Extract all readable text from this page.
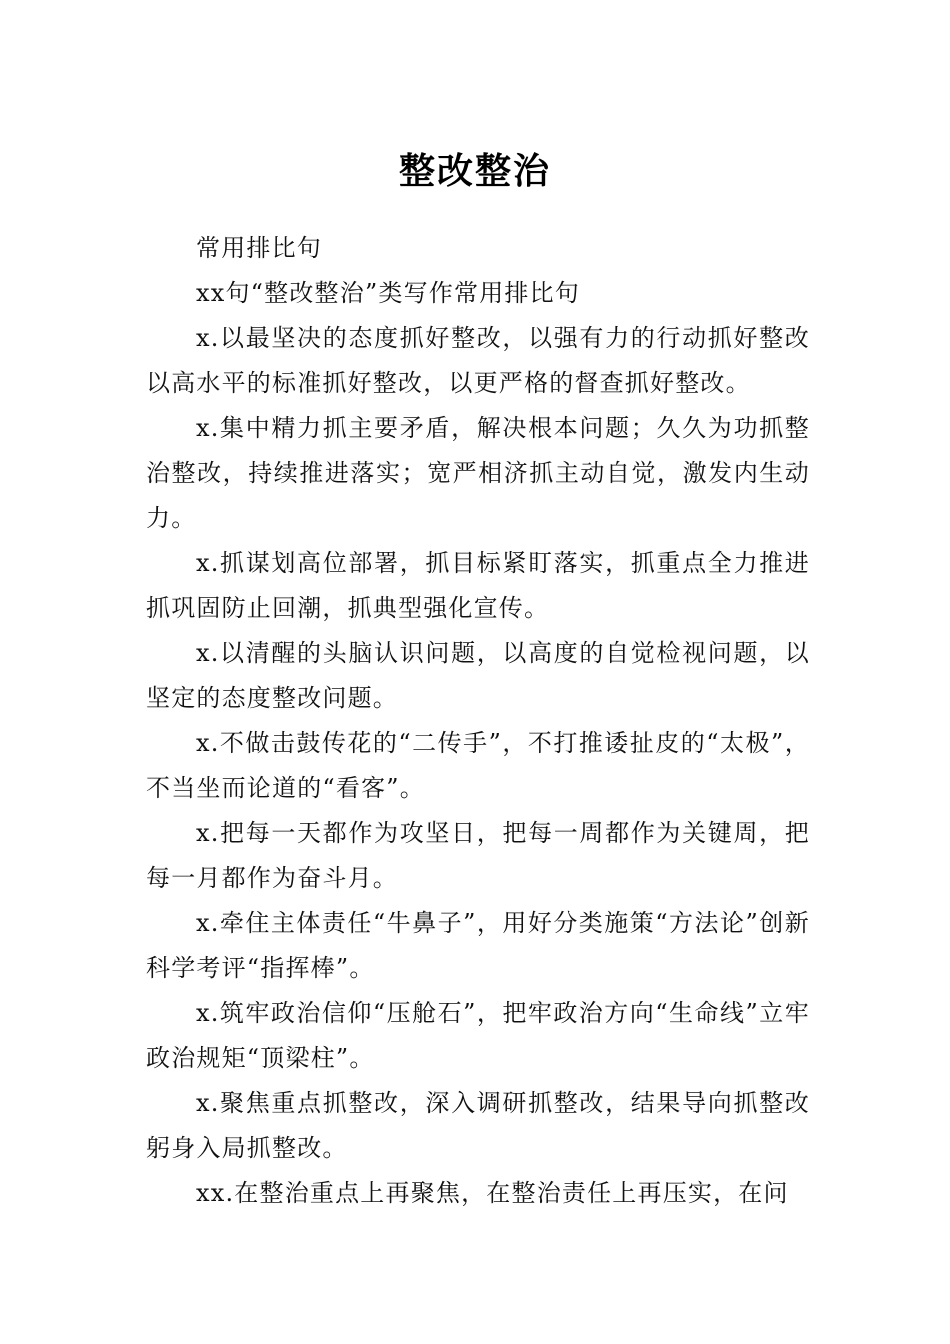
整改整治

常用排比句

xx句“整改整治”类写作常用排比句

x.以最坚决的态度抓好整改，以强有力的行动抓好整改以高水平的标准抓好整改，以更严格的督查抓好整改。

x.集中精力抓主要矛盾，解决根本问题；久久为功抓整治整改，持续推进落实；宽严相济抓主动自觉，激发内生动力。

x.抓谋划高位部署，抓目标紧盯落实，抓重点全力推进抓巩固防止回潮，抓典型强化宣传。

x.以清醒的头脑认识问题，以高度的自觉检视问题，以坚定的态度整改问题。

x.不做击鼓传花的“二传手”，不打推诿扯皮的“太极”，不当坐而论道的“看客”。

x.把每一天都作为攻坚日，把每一周都作为关键周，把每一月都作为奋斗月。

x.牵住主体责任“牛鼻子”，用好分类施策“方法论”创新科学考评“指挥棒”。

x.筑牢政治信仰“压舱石”，把牢政治方向“生命线”立牢政治规矩“顶梁柱”。

x.聚焦重点抓整改，深入调研抓整改，结果导向抓整改躬身入局抓整改。

xx.在整治重点上再聚焦，在整治责任上再压实，在问
